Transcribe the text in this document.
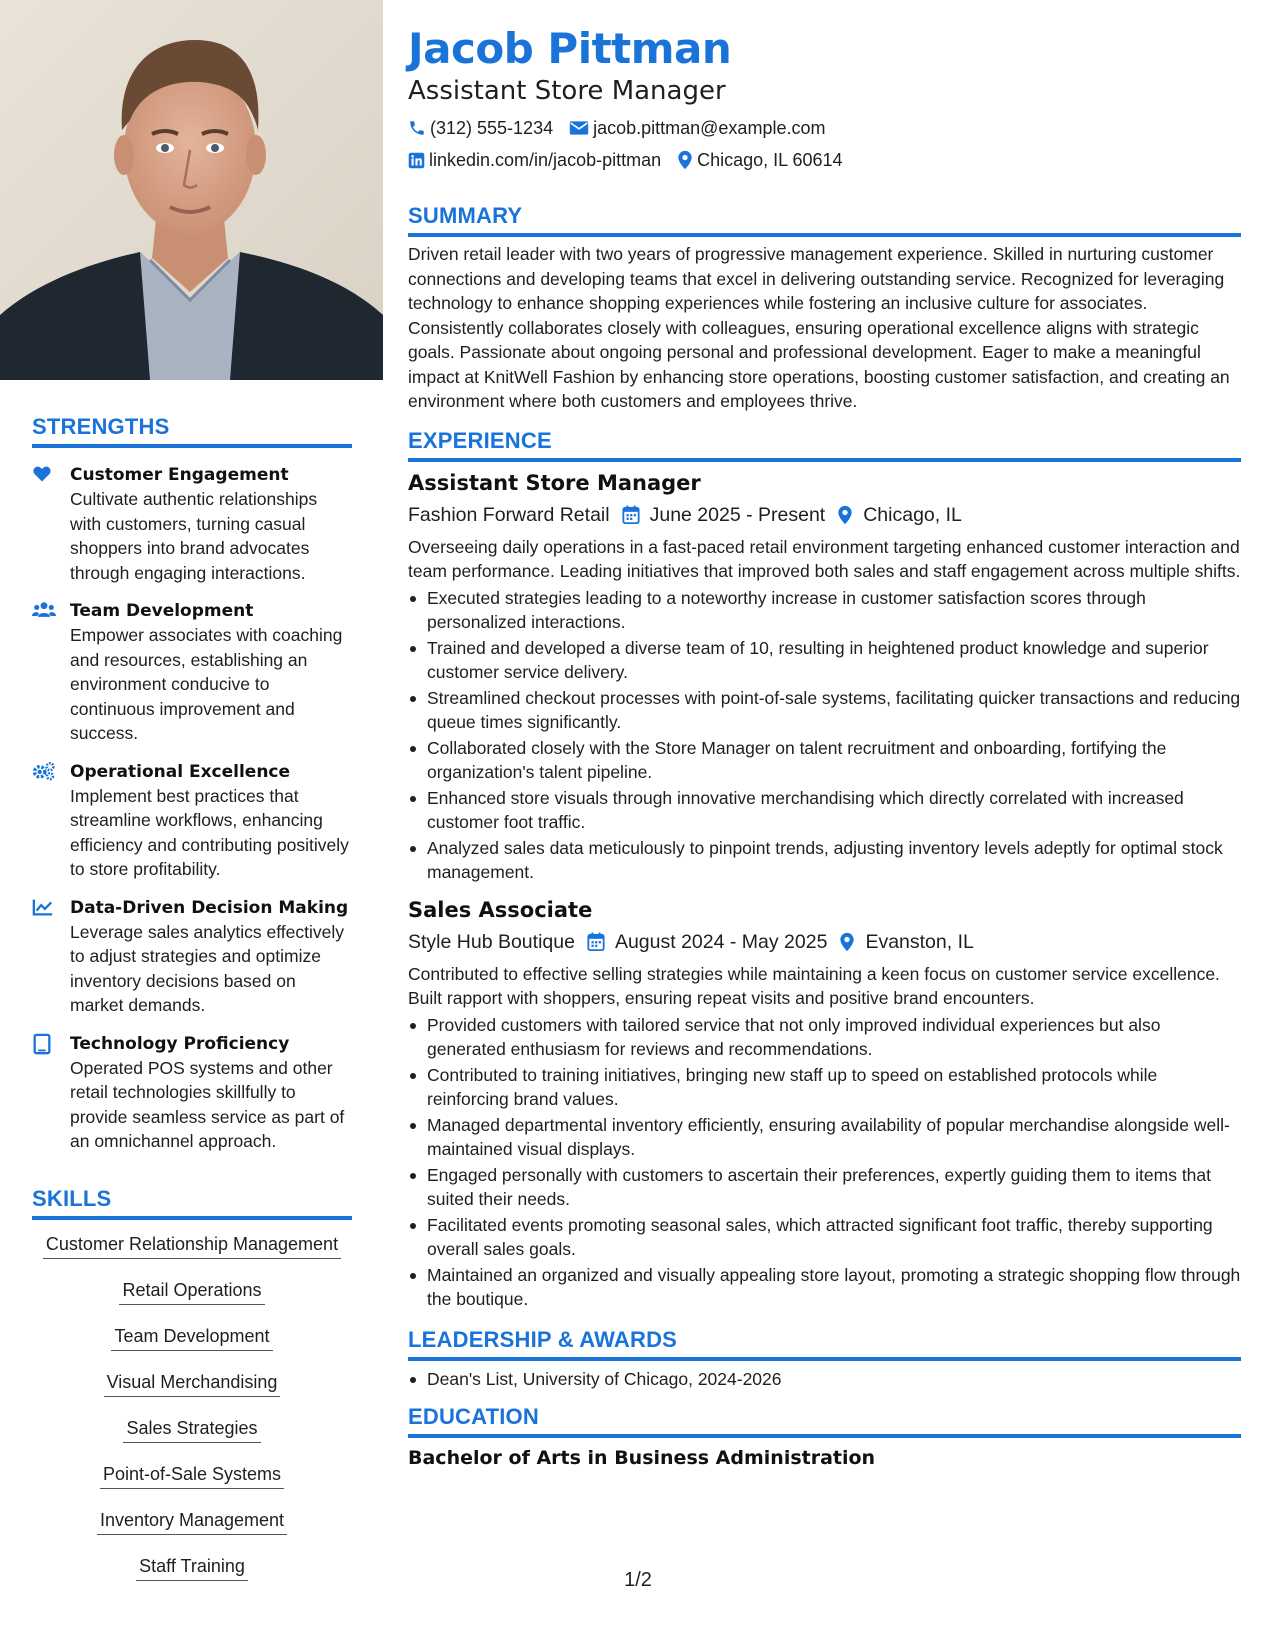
STRENGTHS
Customer Engagement
Cultivate authentic relationships with customers, turning casual shoppers into brand advocates through engaging interactions.
Team Development
Empower associates with coaching and resources, establishing an environment conducive to continuous improvement and success.
Operational Excellence
Implement best practices that streamline workflows, enhancing efficiency and contributing positively to store profitability.
Data-Driven Decision Making
Leverage sales analytics effectively to adjust strategies and optimize inventory decisions based on market demands.
Technology Proficiency
Operated POS systems and other retail technologies skillfully to provide seamless service as part of an omnichannel approach.
SKILLS
Customer Relationship Management
Retail Operations
Team Development
Visual Merchandising
Sales Strategies
Point-of-Sale Systems
Inventory Management
Staff Training
Jacob Pittman
Assistant Store Manager
(312) 555-1234 jacob.pittman@example.com
linkedin.com/in/jacob-pittman Chicago, IL 60614
SUMMARY
Driven retail leader with two years of progressive management experience. Skilled in nurturing customer connections and developing teams that excel in delivering outstanding service. Recognized for leveraging technology to enhance shopping experiences while fostering an inclusive culture for associates. Consistently collaborates closely with colleagues, ensuring operational excellence aligns with strategic goals. Passionate about ongoing personal and professional development. Eager to make a meaningful impact at KnitWell Fashion by enhancing store operations, boosting customer satisfaction, and creating an environment where both customers and employees thrive.
EXPERIENCE
Assistant Store Manager
Fashion Forward Retail June 2025 - Present Chicago, IL
Overseeing daily operations in a fast-paced retail environment targeting enhanced customer interaction and team performance. Leading initiatives that improved both sales and staff engagement across multiple shifts.
Executed strategies leading to a noteworthy increase in customer satisfaction scores through personalized interactions.
Trained and developed a diverse team of 10, resulting in heightened product knowledge and superior customer service delivery.
Streamlined checkout processes with point-of-sale systems, facilitating quicker transactions and reducing queue times significantly.
Collaborated closely with the Store Manager on talent recruitment and onboarding, fortifying the organization's talent pipeline.
Enhanced store visuals through innovative merchandising which directly correlated with increased customer foot traffic.
Analyzed sales data meticulously to pinpoint trends, adjusting inventory levels adeptly for optimal stock management.
Sales Associate
Style Hub Boutique August 2024 - May 2025 Evanston, IL
Contributed to effective selling strategies while maintaining a keen focus on customer service excellence. Built rapport with shoppers, ensuring repeat visits and positive brand encounters.
Provided customers with tailored service that not only improved individual experiences but also generated enthusiasm for reviews and recommendations.
Contributed to training initiatives, bringing new staff up to speed on established protocols while reinforcing brand values.
Managed departmental inventory efficiently, ensuring availability of popular merchandise alongside well-maintained visual displays.
Engaged personally with customers to ascertain their preferences, expertly guiding them to items that suited their needs.
Facilitated events promoting seasonal sales, which attracted significant foot traffic, thereby supporting overall sales goals.
Maintained an organized and visually appealing store layout, promoting a strategic shopping flow through the boutique.
LEADERSHIP & AWARDS
Dean's List, University of Chicago, 2024-2026
EDUCATION
Bachelor of Arts in Business Administration
1/2
